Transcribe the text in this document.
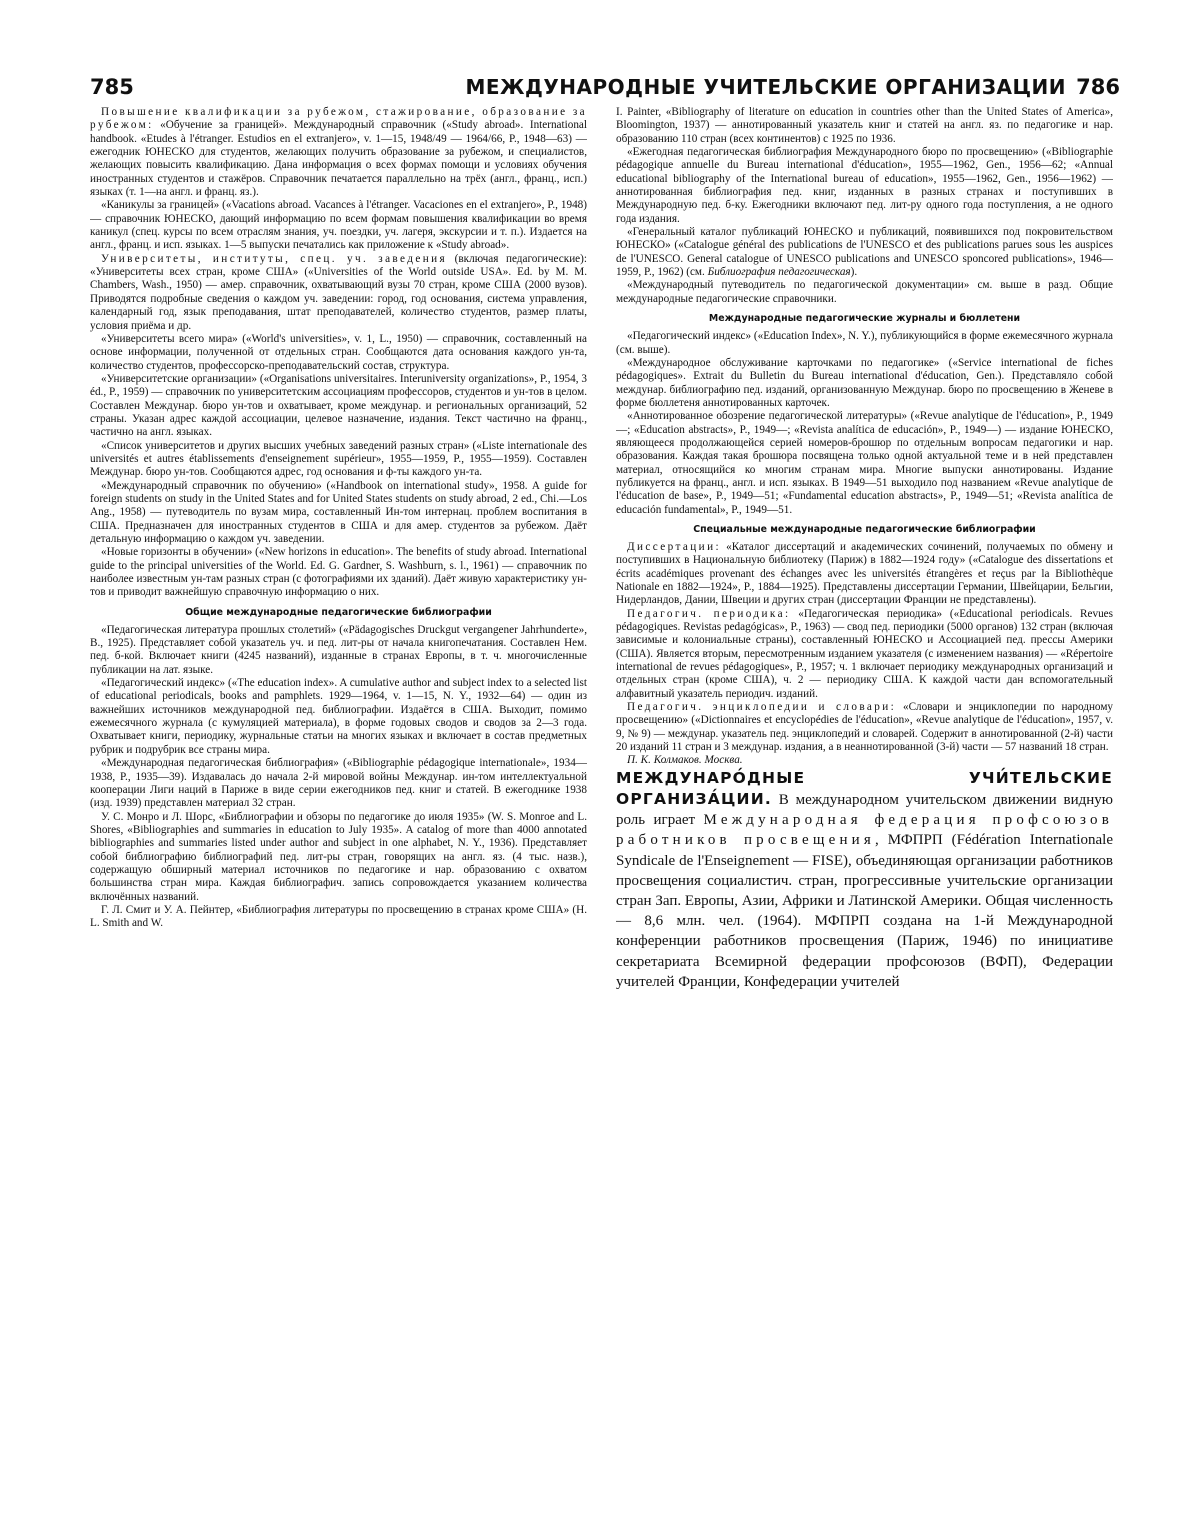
785	МЕЖДУНАРОДНЫЕ УЧИТЕЛЬСКИЕ ОРГАНИЗАЦИИ 786

Повышение квалификации за рубежом, стажирование, образование за рубежом: «Обучение за границей». Международный справочник («Study abroad». International handbook. «Etudes à l'étranger. Estudios en el extranjero», v. 1—15, 1948/49 — 1964/66, P., 1948—63) — ежегодник ЮНЕСКО для студентов, желающих получить образование за рубежом, и специалистов, желающих повысить квалификацию. Дана информация о всех формах помощи и условиях обучения иностранных студентов и стажёров. Справочник печатается параллельно на трёх (англ., франц., исп.) языках (т. 1—на англ. и франц. яз.).

«Каникулы за границей» («Vacations abroad. Vacances à l'étranger. Vacaciones en el extranjero», P., 1948) — справочник ЮНЕСКО, дающий информацию по всем формам повышения квалификации во время каникул (спец. курсы по всем отраслям знания, уч. поездки, уч. лагеря, экскурсии и т. п.). Издается на англ., франц. и исп. языках. 1—5 выпуски печатались как приложение к «Study abroad».

Университеты, институты, спец. уч. заведения (включая педагогические): «Университеты всех стран, кроме США» («Universities of the World outside USA». Ed. by M. M. Chambers, Wash., 1950) — амер. справочник, охватывающий вузы 70 стран, кроме США (2000 вузов). Приводятся подробные сведения о каждом уч. заведении: город, год основания, система управления, календарный год, язык преподавания, штат преподавателей, количество студентов, размер платы, условия приёма и др.

«Университеты всего мира» («World's universities», v. 1, L., 1950) — справочник, составленный на основе информации, полученной от отдельных стран. Сообщаются дата основания каждого ун-та, количество студентов, профессорско-преподавательский состав, структура.

«Университетские организации» («Organisations universitaires. Interuniversity organizations», P., 1954, 3 éd., P., 1959) — справочник по университетским ассоциациям профессоров, студентов и ун-тов в целом. Составлен Междунар. бюро ун-тов и охватывает, кроме междунар. и региональных организаций, 52 страны. Указан адрес каждой ассоциации, целевое назначение, издания. Текст частично на франц., частично на англ. языках.

«Список университетов и других высших учебных заведений разных стран» («Liste internationale des universités et autres établissements d'enseignement supérieur», 1955—1959, P., 1955—1959). Составлен Междунар. бюро ун-тов. Сообщаются адрес, год основания и ф-ты каждого ун-та.

«Международный справочник по обучению» («Handbook on international study», 1958. A guide for foreign students on study in the United States and for United States students on study abroad, 2 ed., Chi.—Los Ang., 1958) — путеводитель по вузам мира, составленный Ин-том интернац. проблем воспитания в США. Предназначен для иностранных студентов в США и для амер. студентов за рубежом. Даёт детальную информацию о каждом уч. заведении.

«Новые горизонты в обучении» («New horizons in education». The benefits of study abroad. International guide to the principal universities of the World. Ed. G. Gardner, S. Washburn, s. l., 1961) — справочник по наиболее известным ун-там разных стран (с фотографиями их зданий). Даёт живую характеристику ун-тов и приводит важнейшую справочную информацию о них.

Общие международные педагогические библиографии

«Педагогическая литература прошлых столетий» («Pädagogisches Druckgut vergangener Jahrhunderte», B., 1925). Представляет собой указатель уч. и пед. лит-ры от начала книгопечатания. Составлен Нем. пед. б-кой. Включает книги (4245 названий), изданные в странах Европы, в т. ч. многочисленные публикации на лат. языке.

«Педагогический индекс» («The education index». A cumulative author and subject index to a selected list of educational periodicals, books and pamphlets. 1929—1964, v. 1—15, N. Y., 1932—64) — один из важнейших источников международной пед. библиографии. Издаётся в США. Выходит, помимо ежемесячного журнала (с кумуляцией материала), в форме годовых сводов и сводов за 2—3 года. Охватывает книги, периодику, журнальные статьи на многих языках и включает в состав предметных рубрик и подрубрик все страны мира.

«Международная педагогическая библиография» («Bibliographie pédagogique internationale», 1934—1938, P., 1935—39). Издавалась до начала 2-й мировой войны Междунар. ин-том интеллектуальной кооперации Лиги наций в Париже в виде серии ежегодников пед. книг и статей. В ежегоднике 1938 (изд. 1939) представлен материал 32 стран.

У. С. Монро и Л. Шорс, «Библиографии и обзоры по педагогике до июля 1935» (W. S. Monroe and L. Shores, «Bibliographies and summaries in education to July 1935». A catalog of more than 4000 annotated bibliographies and summaries listed under author and subject in one alphabet, N. Y., 1936). Представляет собой библиографию библиографий пед. лит-ры стран, говорящих на англ. яз. (4 тыс. назв.), содержащую обширный материал источников по педагогике и нар. образованию с охватом большинства стран мира. Каждая библиографич. запись сопровождается указанием количества включённых названий.

Г. Л. Смит и У. А. Пейнтер, «Библиография литературы по просвещению в странах кроме США» (H. L. Smith and W.

I. Painter, «Bibliography of literature on education in countries other than the United States of America», Bloomington, 1937) — аннотированный указатель книг и статей на англ. яз. по педагогике и нар. образованию 110 стран (всех континентов) с 1925 по 1936.

«Ежегодная педагогическая библиография Международного бюро по просвещению» («Bibliographie pédagogique annuelle du Bureau international d'éducation», 1955—1962, Gen., 1956—62; «Annual educational bibliography of the International bureau of education», 1955—1962, Gen., 1956—1962) — аннотированная библиография пед. книг, изданных в разных странах и поступивших в Международную пед. б-ку. Ежегодники включают пед. лит-ру одного года поступления, а не одного года издания.

«Генеральный каталог публикаций ЮНЕСКО и публикаций, появившихся под покровительством ЮНЕСКО» («Catalogue général des publications de l'UNESCO et des publications parues sous les auspices de l'UNESCO. General catalogue of UNESCO publications and UNESCO sponcored publications», 1946—1959, P., 1962) (см. Библиография педагогическая).

«Международный путеводитель по педагогической документации» см. выше в разд. Общие международные педагогические справочники.

Международные педагогические журналы и бюллетени

«Педагогический индекс» («Education Index», N. Y.), публикующийся в форме ежемесячного журнала (см. выше).

«Международное обслуживание карточками по педагогике» («Service international de fiches pédagogiques». Extrait du Bulletin du Bureau international d'éducation, Gen.). Представляло собой междунар. библиографию пед. изданий, организованную Междунар. бюро по просвещению в Женеве в форме бюллетеня аннотированных карточек.

«Аннотированное обозрение педагогической литературы» («Revue analytique de l'éducation», P., 1949—; «Education abstracts», P., 1949—; «Revista analítica de educación», P., 1949—) — издание ЮНЕСКО, являющееся продолжающейся серией номеров-брошюр по отдельным вопросам педагогики и нар. образования. Каждая такая брошюра посвящена только одной актуальной теме и в ней представлен материал, относящийся ко многим странам мира. Многие выпуски аннотированы. Издание публикуется на франц., англ. и исп. языках. В 1949—51 выходило под названием «Revue analytique de l'éducation de base», P., 1949—51; «Fundamental education abstracts», P., 1949—51; «Revista analítica de educación fundamental», P., 1949—51.

Специальные международные педагогические библиографии

Диссертации: «Каталог диссертаций и академических сочинений, получаемых по обмену и поступивших в Национальную библиотеку (Париж) в 1882—1924 году» («Catalogue des dissertations et écrits académiques provenant des échanges avec les universités étrangères et reçus par la Bibliothèque Nationale en 1882—1924», P., 1884—1925). Представлены диссертации Германии, Швейцарии, Бельгии, Нидерландов, Дании, Швеции и других стран (диссертации Франции не представлены).

Педагогич. периодика: «Педагогическая периодика» («Educational periodicals. Revues pédagogiques. Revistas pedagógicas», P., 1963) — свод пед. периодики (5000 органов) 132 стран (включая зависимые и колониальные страны), составленный ЮНЕСКО и Ассоциацией пед. прессы Америки (США). Является вторым, пересмотренным изданием указателя (с изменением названия) — «Répertoire international de revues pédagogiques», P., 1957; ч. 1 включает периодику международных организаций и отдельных стран (кроме США), ч. 2 — периодику США. К каждой части дан вспомогательный алфавитный указатель периодич. изданий.

Педагогич. энциклопедии и словари: «Словари и энциклопедии по народному просвещению» («Dictionnaires et encyclopédies de l'éducation», «Revue analytique de l'éducation», 1957, v. 9, № 9) — междунар. указатель пед. энциклопедий и словарей. Содержит в аннотированной (2-й) части 20 изданий 11 стран и 3 междунар. издания, а в неаннотированной (3-й) части — 57 названий 18 стран.

П. К. Колмаков. Москва.

МЕЖДУНАРО́ДНЫЕ УЧИ́ТЕЛЬСКИЕ ОРГАНИЗА́ЦИИ. В международном учительском движении видную роль играет Международная федерация профсоюзов работников просвещения, МФПРП (Fédération Internationale Syndicale de l'Enseignement — FISE), объединяющая организации работников просвещения социалистич. стран, прогрессивные учительские организации стран Зап. Европы, Азии, Африки и Латинской Америки. Общая численность — 8,6 млн. чел. (1964). МФПРП создана на 1-й Международной конференции работников просвещения (Париж, 1946) по инициативе секретариата Всемирной федерации профсоюзов (ВФП), Федерации учителей Франции, Конфедерации учителей
